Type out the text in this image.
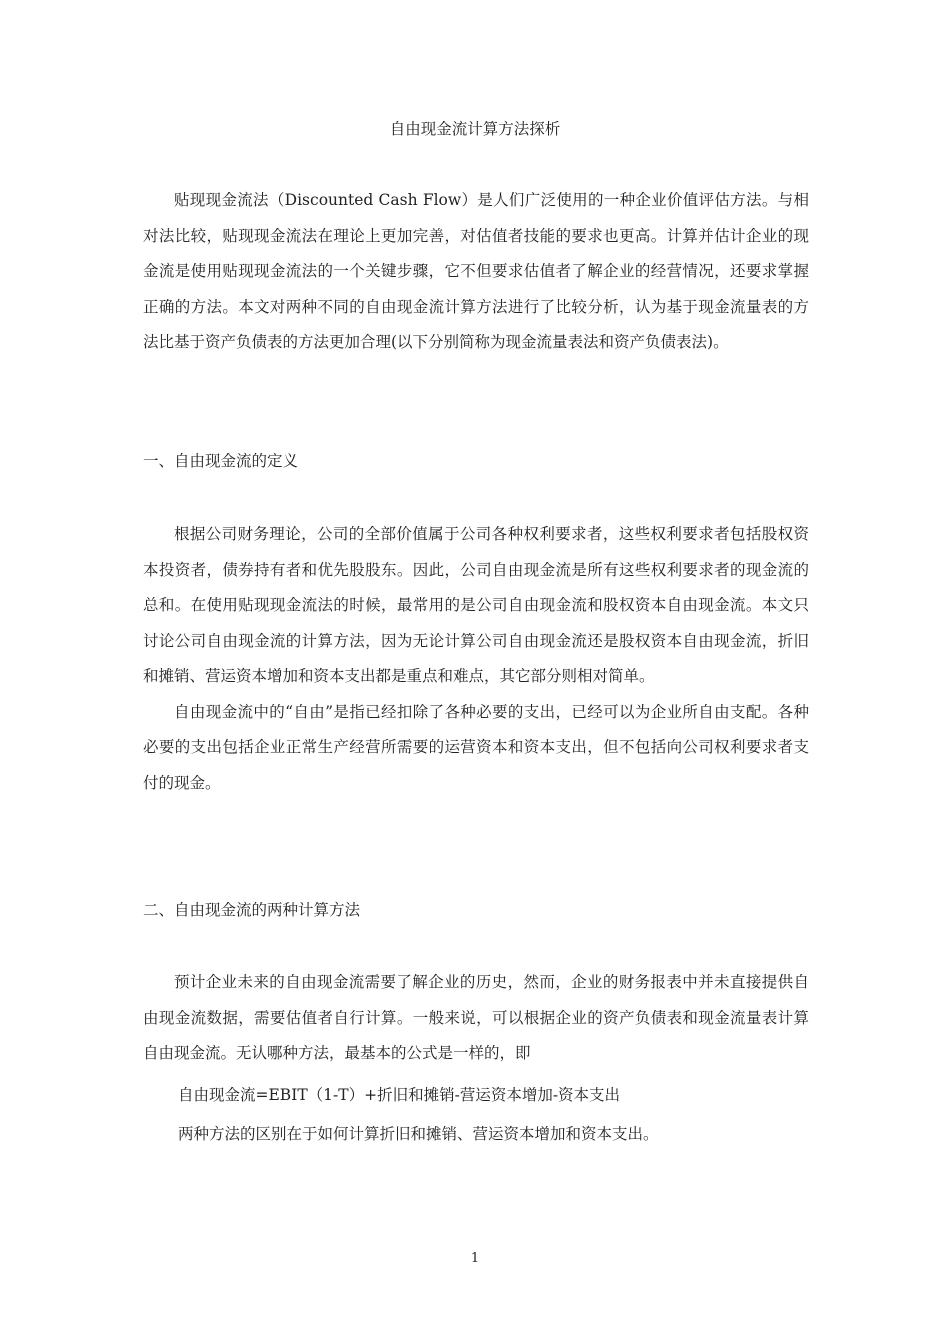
自由现金流计算方法探析

贴现现金流法（Discounted Cash Flow）是人们广泛使用的一种企业价值评估方法。与相对法比较，贴现现金流法在理论上更加完善，对估值者技能的要求也更高。计算并估计企业的现金流是使用贴现现金流法的一个关键步骤，它不但要求估值者了解企业的经营情况，还要求掌握正确的方法。本文对两种不同的自由现金流计算方法进行了比较分析，认为基于现金流量表的方法比基于资产负债表的方法更加合理(以下分别简称为现金流量表法和资产负债表法)。

一、自由现金流的定义

根据公司财务理论，公司的全部价值属于公司各种权利要求者，这些权利要求者包括股权资本投资者，债券持有者和优先股股东。因此，公司自由现金流是所有这些权利要求者的现金流的总和。在使用贴现现金流法的时候，最常用的是公司自由现金流和股权资本自由现金流。本文只讨论公司自由现金流的计算方法，因为无论计算公司自由现金流还是股权资本自由现金流，折旧和摊销、营运资本增加和资本支出都是重点和难点，其它部分则相对简单。

自由现金流中的“自由”是指已经扣除了各种必要的支出，已经可以为企业所自由支配。各种必要的支出包括企业正常生产经营所需要的运营资本和资本支出，但不包括向公司权利要求者支付的现金。

二、自由现金流的两种计算方法

预计企业未来的自由现金流需要了解企业的历史，然而，企业的财务报表中并未直接提供自由现金流数据，需要估值者自行计算。一般来说，可以根据企业的资产负债表和现金流量表计算自由现金流。无认哪种方法，最基本的公式是一样的，即

自由现金流=EBIT（1-T）+折旧和摊销-营运资本增加-资本支出
两种方法的区别在于如何计算折旧和摊销、营运资本增加和资本支出。
1
